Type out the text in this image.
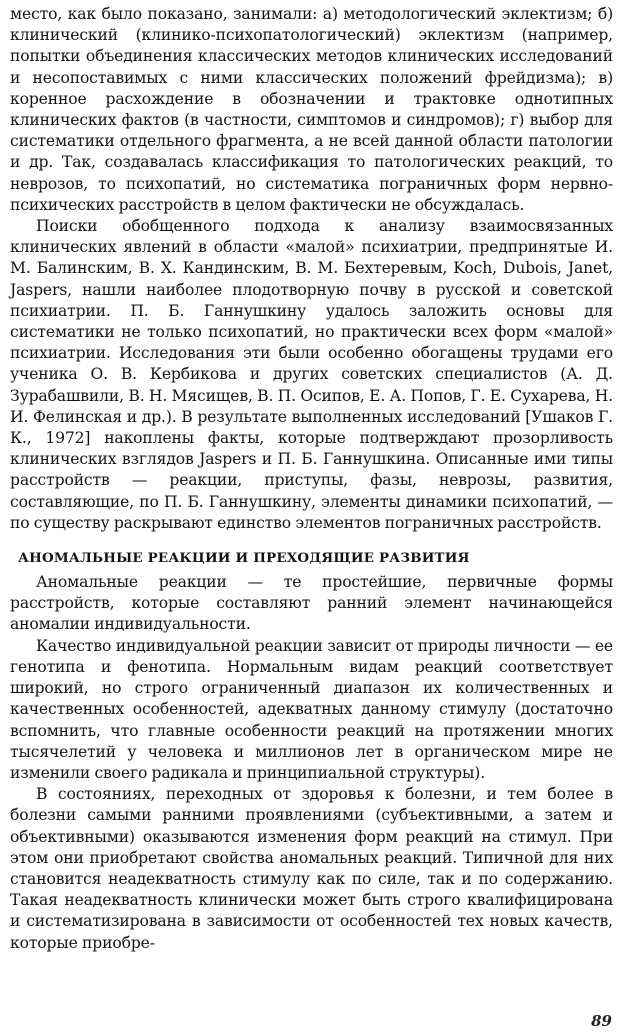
место, как было показано, занимали: а) методологический эклектизм; б) клинический (клинико-психопатологический) эклектизм (например, попытки объединения классических методов клинических исследований и несопоставимых с ними классических положений фрейдизма); в) коренное расхождение в обозначении и трактовке однотипных клинических фактов (в частности, симптомов и синдромов); г) выбор для систематики отдельного фрагмента, а не всей данной области патологии и др. Так, создавалась классификация то патологических реакций, то неврозов, то психопатий, но систематика пограничных форм нервно-психических расстройств в целом фактически не обсуждалась.

Поиски обобщенного подхода к анализу взаимосвязанных клинических явлений в области «малой» психиатрии, предпринятые И. М. Балинским, В. Х. Кандинским, В. М. Бехтеревым, Koch, Dubois, Janet, Jaspers, нашли наиболее плодотворную почву в русской и советской психиатрии. П. Б. Ганнушкину удалось заложить основы для систематики не только психопатий, но практически всех форм «малой» психиатрии. Исследования эти были особенно обогащены трудами его ученика О. В. Кербикова и других советских специалистов (А. Д. Зурабашвили, В. Н. Мясищев, В. П. Осипов, Е. А. Попов, Г. Е. Сухарева, Н. И. Фелинская и др.). В результате выполненных исследований [Ушаков Г. К., 1972] накоплены факты, которые подтверждают прозорливость клинических взглядов Jaspers и П. Б. Ганнушкина. Описанные ими типы расстройств — реакции, приступы, фазы, неврозы, развития, составляющие, по П. Б. Ганнушкину, элементы динамики психопатий, — по существу раскрывают единство элементов пограничных расстройств.

АНОМАЛЬНЫЕ РЕАКЦИИ И ПРЕХОДЯЩИЕ РАЗВИТИЯ

Аномальные реакции — те простейшие, первичные формы расстройств, которые составляют ранний элемент начинающейся аномалии индивидуальности.

Качество индивидуальной реакции зависит от природы личности — ее генотипа и фенотипа. Нормальным видам реакций соответствует широкий, но строго ограниченный диапазон их количественных и качественных особенностей, адекватных данному стимулу (достаточно вспомнить, что главные особенности реакций на протяжении многих тысячелетий у человека и миллионов лет в органическом мире не изменили своего радикала и принципиальной структуры).

В состояниях, переходных от здоровья к болезни, и тем более в болезни самыми ранними проявлениями (субъективными, а затем и объективными) оказываются изменения форм реакций на стимул. При этом они приобретают свойства аномальных реакций. Типичной для них становится неадекватность стимулу как по силе, так и по содержанию. Такая неадекватность клинически может быть строго квалифицирована и систематизирована в зависимости от особенностей тех новых качеств, которые приобре-

89
